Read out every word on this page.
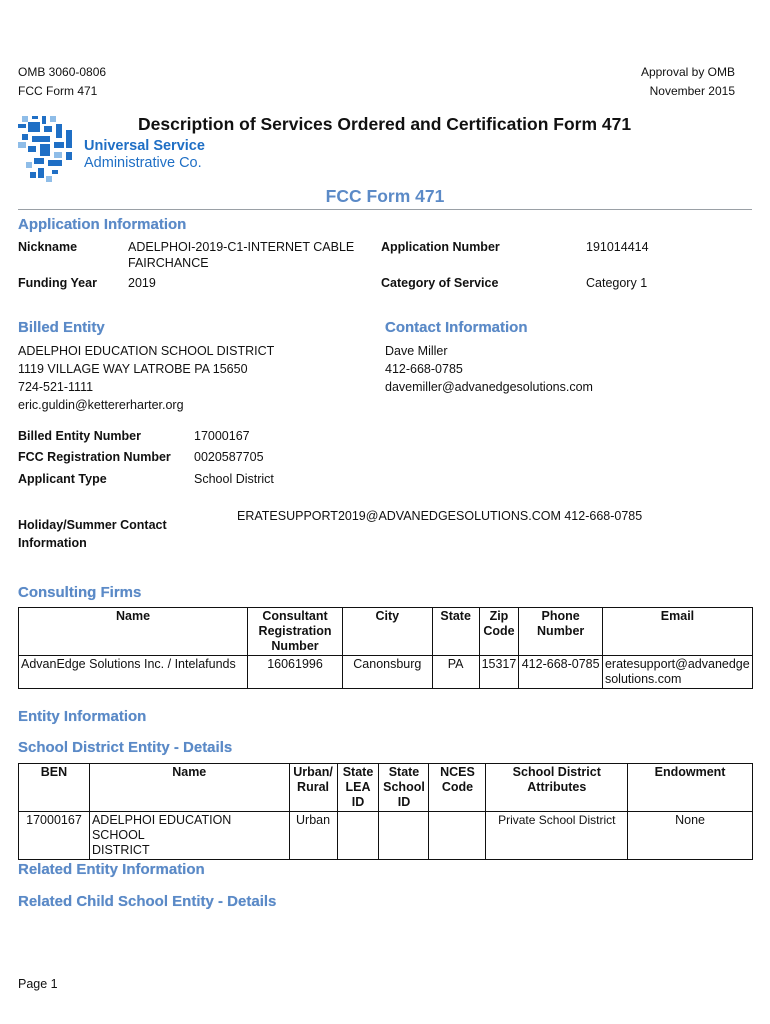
OMB 3060-0806
FCC Form 471
Approval by OMB
November 2015
Universal Service
Administrative Co.
Description of Services Ordered and Certification Form 471
FCC Form 471
Application Information
Nickname	ADELPHOI-2019-C1-INTERNET CABLE
FAIRCHANCE
Application Number	191014414
Funding Year 2019	Category of Service	Category 1
Billed Entity
ADELPHOI EDUCATION SCHOOL DISTRICT
1119 VILLAGE WAY LATROBE PA 15650
724-521-1111
eric.guldin@kettererharter.org
Contact Information
Dave Miller
412-668-0785
davemiller@advanedgesolutions.com
Billed Entity Number	17000167
FCC Registration Number 0020587705
Applicant Type	School District
ERATESUPPORT2019@ADVANEDGESOLUTIONS.COM 412-668-0785
Holiday/Summer Contact
Information
Consulting Firms
Name	Consultant
Registration
Number	City	State	Zip
Code	Phone
Number	Email
AdvanEdge Solutions Inc. / Intelafunds	16061996	Canonsburg	PA	15317	412-668-0785	eratesupport@advanedge
solutions.com
Entity Information
School District Entity - Details
BEN	Name	Urban/
Rural	State
LEA ID	State
School
ID	NCES
Code	School District
Attributes	Endowment
17000167	ADELPHOI EDUCATION SCHOOL
DISTRICT	Urban				Private School District	None
Related Entity Information
Related Child School Entity - Details
Page 1
